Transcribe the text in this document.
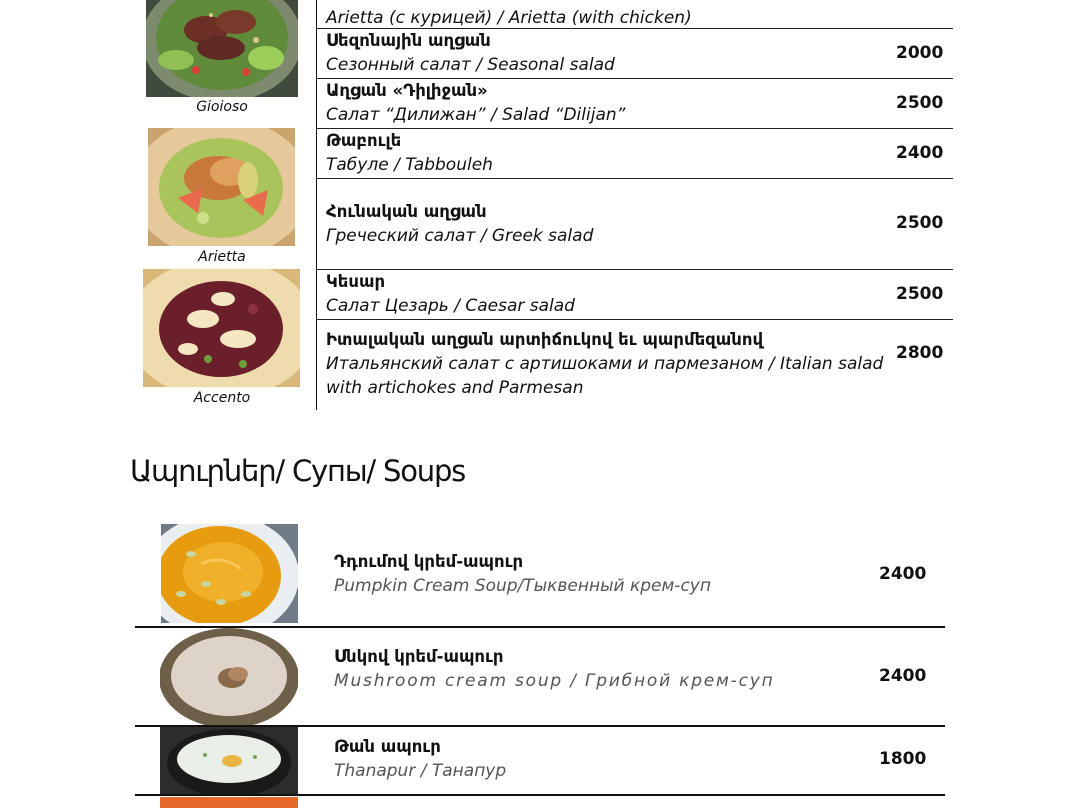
Gioioso
Arietta
Accento
Arietta (с курицей) / Arietta (with chicken)
Սեզոնային աղցան
Сезонный салат / Seasonal salad
2000
Աղցան «Դիլիջան»
Салат “Дилижан” / Salad “Dilijan”
2500
Թաբուլե
Табуле / Tabbouleh
2400
Հունական աղցան
Греческий салат / Greek salad
2500
Կեսար
Салат Цезарь / Caesar salad
2500
Իտալական աղցան արտիճուկով եւ պարմեզանով
Итальянский салат с артишоками и пармезаном / Italian salad with artichokes and Parmesan
2800
Ապուրներ/ Супы/ Soups
Դդումով կրեմ-ապուր
Pumpkin Cream Soup/Тыквенный крем-суп
2400
Սնկով կրեմ-ապուր
Mushroom cream soup / Грибной крем-суп	2400
Թան ապուր
Thanapur / Танапур
1800
